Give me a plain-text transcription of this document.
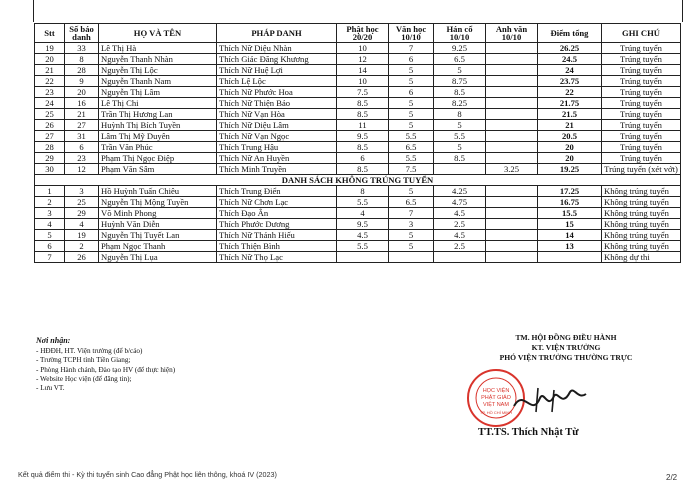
Stt	Số báo danh	HỌ VÀ TÊN	PHÁP DANH	Phật học 20/20	Văn học 10/10	Hán cổ 10/10	Anh văn 10/10	Điểm tổng	GHI CHÚ
19	33	Lê Thị Hà	Thích Nữ Diệu Nhàn	10	7	9.25		26.25	Trúng tuyển
20	8	Nguyễn Thanh Nhàn	Thích Giác Đăng Khương	12	6	6.5		24.5	Trúng tuyển
21	28	Nguyễn Thị Lộc	Thích Nữ Huệ Lợi	14	5	5		24	Trúng tuyển
22	9	Nguyễn Thanh Nam	Thích Lệ Lộc	10	5	8.75		23.75	Trúng tuyển
23	20	Nguyễn Thị Lâm	Thích Nữ Phước Hoa	7.5	6	8.5		22	Trúng tuyển
24	16	Lê Thị Chi	Thích Nữ Thiện Bảo	8.5	5	8.25		21.75	Trúng tuyển
25	21	Trần Thị Hương Lan	Thích Nữ Vạn Hòa	8.5	5	8		21.5	Trúng tuyển
26	27	Huỳnh Thị Bích Tuyền	Thích Nữ Diệu Lâm	11	5	5		21	Trúng tuyển
27	31	Lâm Thị Mỹ Duyên	Thích Nữ Vạn Ngọc	9.5	5.5	5.5		20.5	Trúng tuyển
28	6	Trần Văn Phúc	Thích Trung Hậu	8.5	6.5	5		20	Trúng tuyển
29	23	Phạm Thị Ngọc Điệp	Thích Nữ An Huyền	6	5.5	8.5		20	Trúng tuyển
30	12	Phạm Văn Sâm	Thích Minh Truyền	8.5	7.5		3.25	19.25	Trúng tuyển (xét vớt)
DANH SÁCH KHÔNG TRÚNG TUYỂN									
1	3	Hồ Huỳnh Tuấn Chiêu	Thích Trung Điển	8	5	4.25		17.25	Không trúng tuyển
2	25	Nguyễn Thị Mộng Tuyền	Thích Nữ Chơn Lạc	5.5	6.5	4.75		16.75	Không trúng tuyển
3	29	Võ Minh Phong	Thích Đạo Ân	4	7	4.5		15.5	Không trúng tuyển
4	4	Huỳnh Văn Diễn	Thích Phước Dương	9.5	3	2.5		15	Không trúng tuyển
5	19	Nguyễn Thị Tuyết Lan	Thích Nữ Thánh Hiếu	4.5	5	4.5		14	Không trúng tuyển
6	2	Phạm Ngọc Thanh	Thích Thiện Bình	5.5	5	2.5		13	Không trúng tuyển
7	26	Nguyễn Thị Lụa	Thích Nữ Thọ Lạc						Không dự thi
Nơi nhận:
- HĐĐH, HT. Viện trưởng (để b/cáo)
- Trường TCPH tỉnh Tiền Giang;
- Phòng Hành chánh, Đào tạo HV (để thực hiện)
- Website Học viện (để đăng tin);
- Lưu VT.
TM. HỘI ĐỒNG ĐIỀU HÀNH
KT. VIỆN TRƯỞNG
PHÓ VIỆN TRƯỞNG THƯỜNG TRỰC
HỌC VIỆN
PHẬT GIÁO
VIỆT NAM
TP. HỒ CHÍ MINH
TT.TS. Thích Nhật Từ
Kết quả điểm thi - Kỳ thi tuyển sinh Cao đẳng Phật học liên thông, khoá IV (2023)	2/2
